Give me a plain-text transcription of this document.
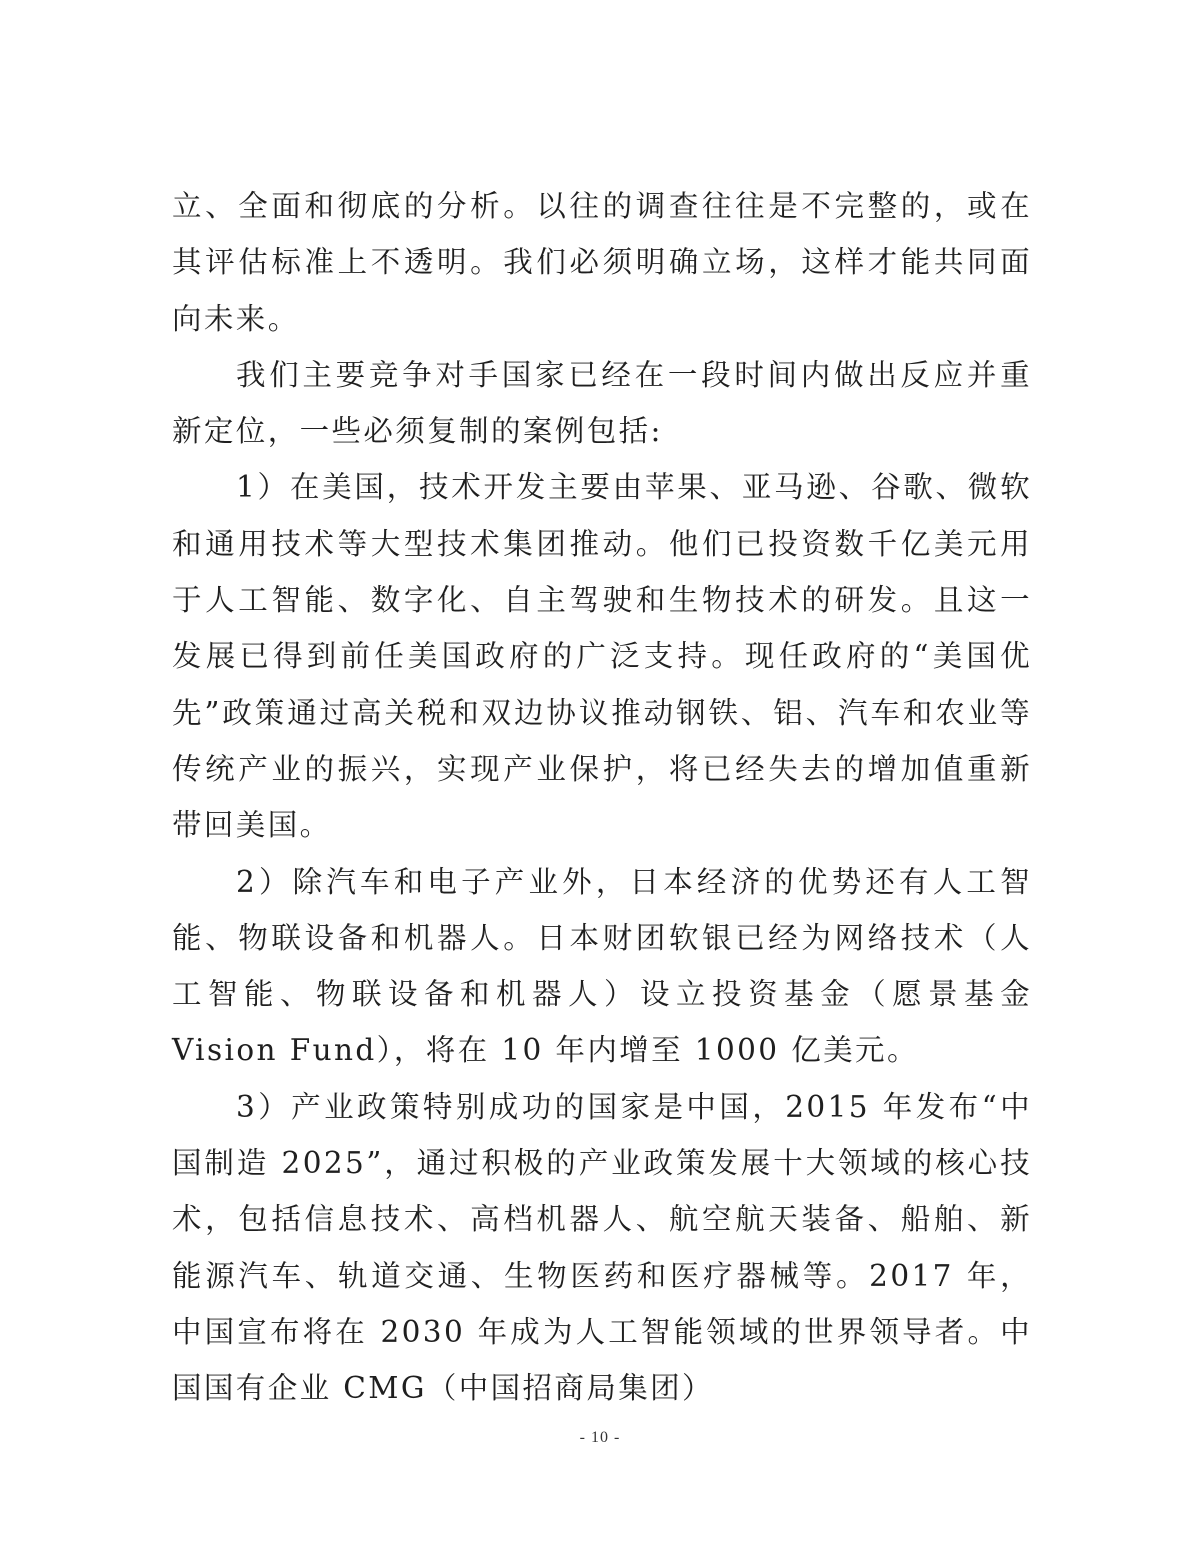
立、全面和彻底的分析。以往的调查往往是不完整的，或在其评估标准上不透明。我们必须明确立场，这样才能共同面向未来。

我们主要竞争对手国家已经在一段时间内做出反应并重新定位，一些必须复制的案例包括:

1）在美国，技术开发主要由苹果、亚马逊、谷歌、微软和通用技术等大型技术集团推动。他们已投资数千亿美元用于人工智能、数字化、自主驾驶和生物技术的研发。且这一发展已得到前任美国政府的广泛支持。现任政府的“美国优先”政策通过高关税和双边协议推动钢铁、铝、汽车和农业等传统产业的振兴，实现产业保护，将已经失去的增加值重新带回美国。

2）除汽车和电子产业外，日本经济的优势还有人工智能、物联设备和机器人。日本财团软银已经为网络技术（人工智能、物联设备和机器人）设立投资基金（愿景基金 Vision Fund），将在 10 年内增至 1000 亿美元。

3）产业政策特别成功的国家是中国，2015 年发布“中国制造 2025”，通过积极的产业政策发展十大领域的核心技术，包括信息技术、高档机器人、航空航天装备、船舶、新能源汽车、轨道交通、生物医药和医疗器械等。2017 年，中国宣布将在 2030 年成为人工智能领域的世界领导者。中国国有企业 CMG（中国招商局集团）

- 10 -
